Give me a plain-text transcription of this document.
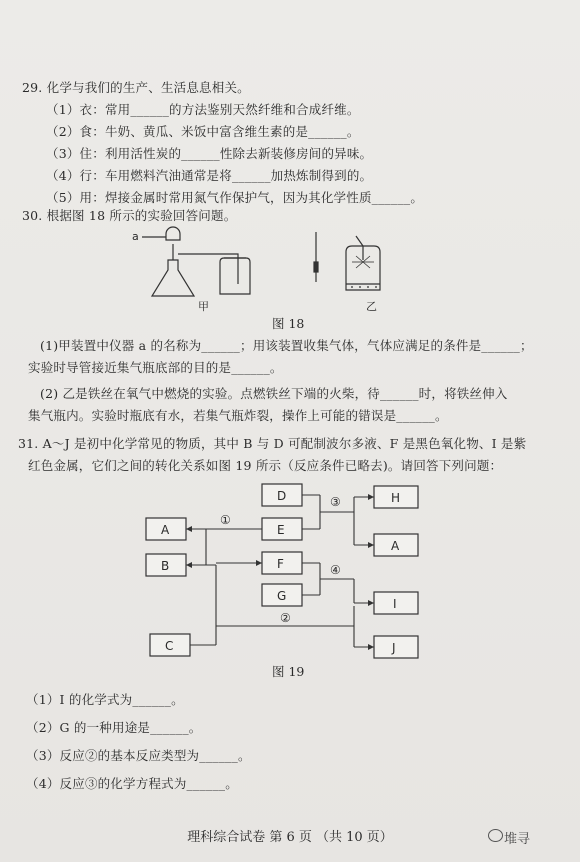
29. 化学与我们的生产、生活息息相关。
（1）衣：常用______的方法鉴别天然纤维和合成纤维。
（2）食：牛奶、黄瓜、米饭中富含维生素的是______。
（3）住：利用活性炭的______性除去新装修房间的异味。
（4）行：车用燃料汽油通常是将______加热炼制得到的。
（5）用：焊接金属时常用氮气作保护气，因为其化学性质______。
30. 根据图 18 所示的实验回答问题。
a
甲	乙
图 18
(1)甲装置中仪器 a 的名称为______；用该装置收集气体，气体应满足的条件是______；
实验时导管接近集气瓶底部的目的是______。
(2) 乙是铁丝在氧气中燃烧的实验。点燃铁丝下端的火柴，待______时，将铁丝伸入
集气瓶内。实验时瓶底有水，若集气瓶炸裂，操作上可能的错误是______。
31. A～J 是初中化学常见的物质，其中 B 与 D 可配制波尔多液、F 是黑色氧化物、I 是紫
红色金属，它们之间的转化关系如图 19 所示（反应条件已略去)。请回答下列问题：
D
E
F
G
A
B
C
H
A
I
J
①
②
③
④
图 19
（1）I 的化学式为______。
（2）G 的一种用途是______。
（3）反应②的基本反应类型为______。
（4）反应③的化学方程式为______。
理科综合试卷 第 6 页 （共 10 页）	堆寻
